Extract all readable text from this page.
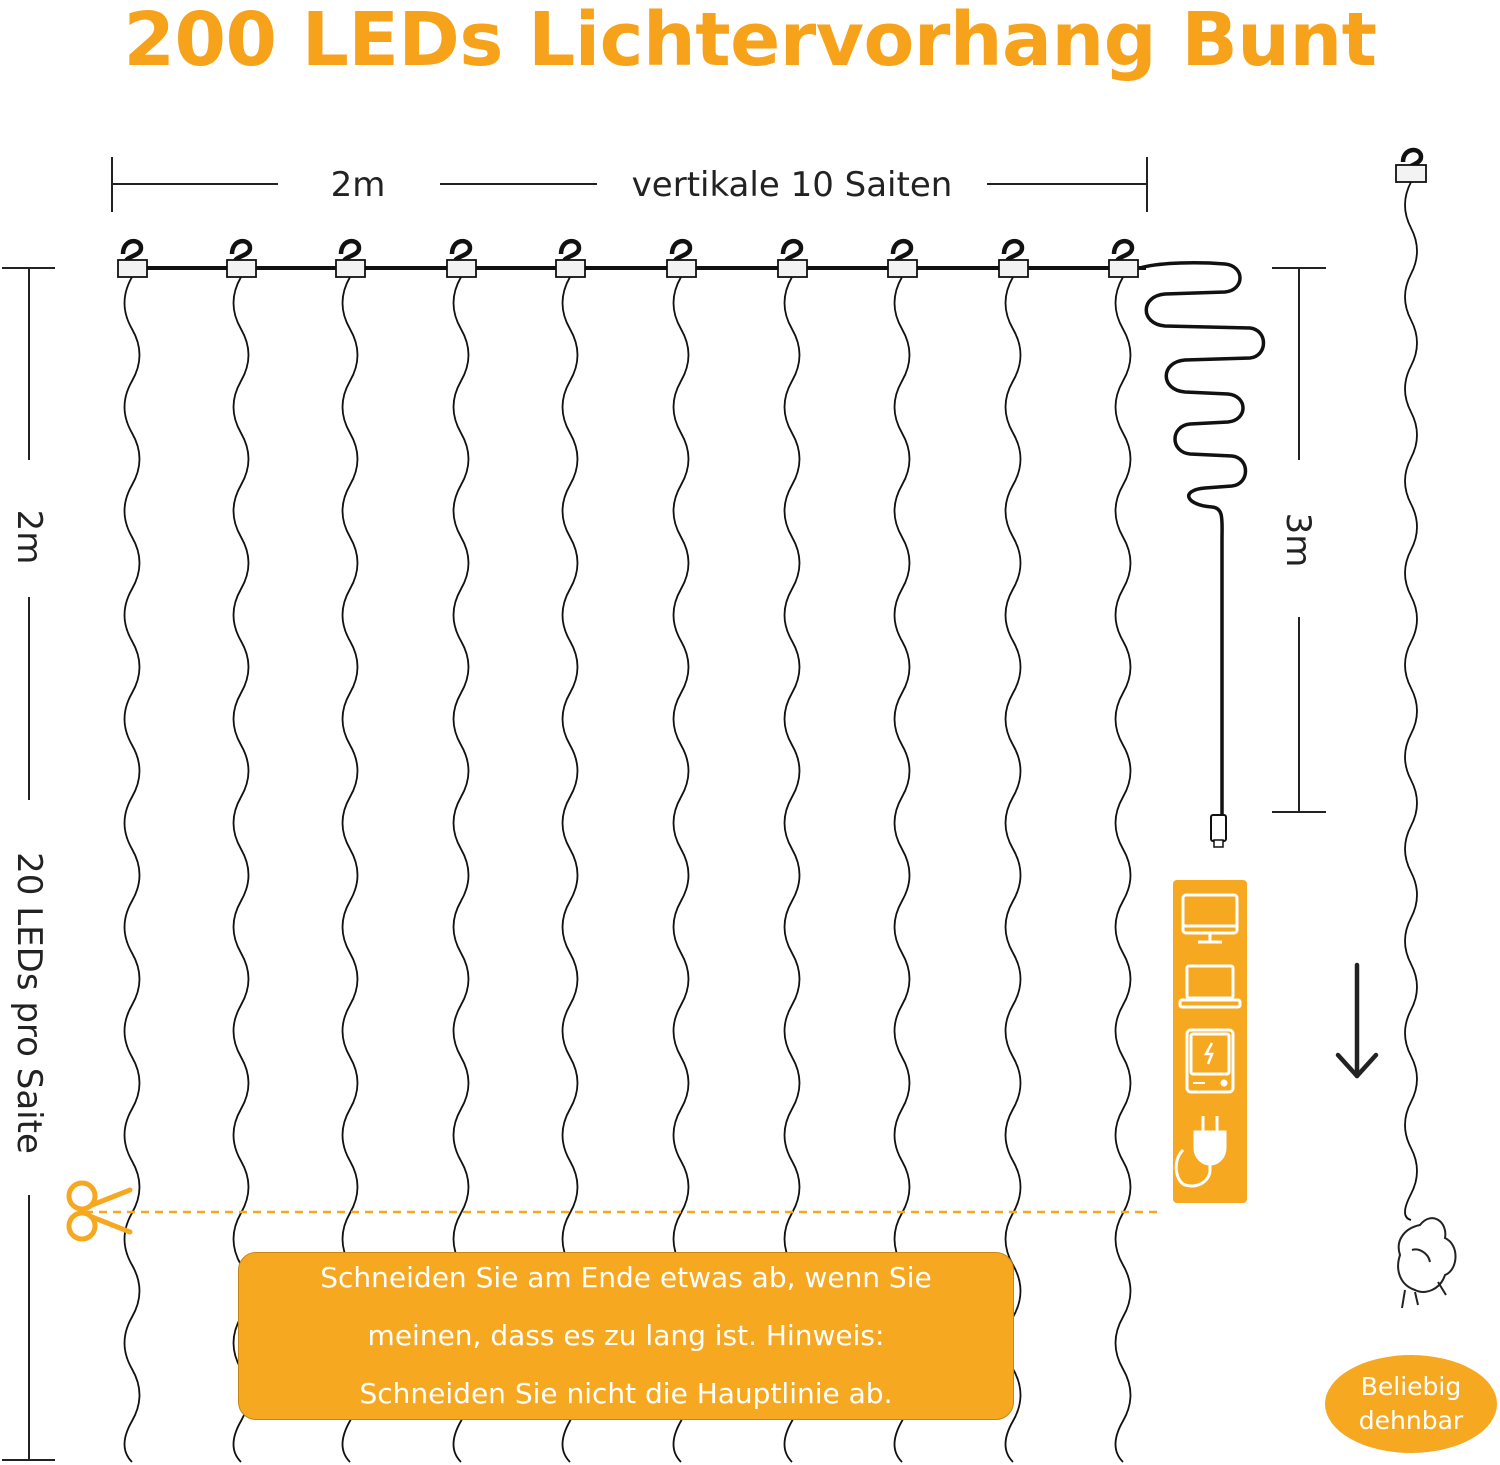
200 LEDs Lichtervorhang Bunt
2m	vertikale 10 Saiten
2m
20 LEDs pro Saite
3m
Schneiden Sie am Ende etwas ab, wenn Sie
meinen, dass es zu lang ist. Hinweis:
Schneiden Sie nicht die Hauptlinie ab.	Beliebig
dehnbar
